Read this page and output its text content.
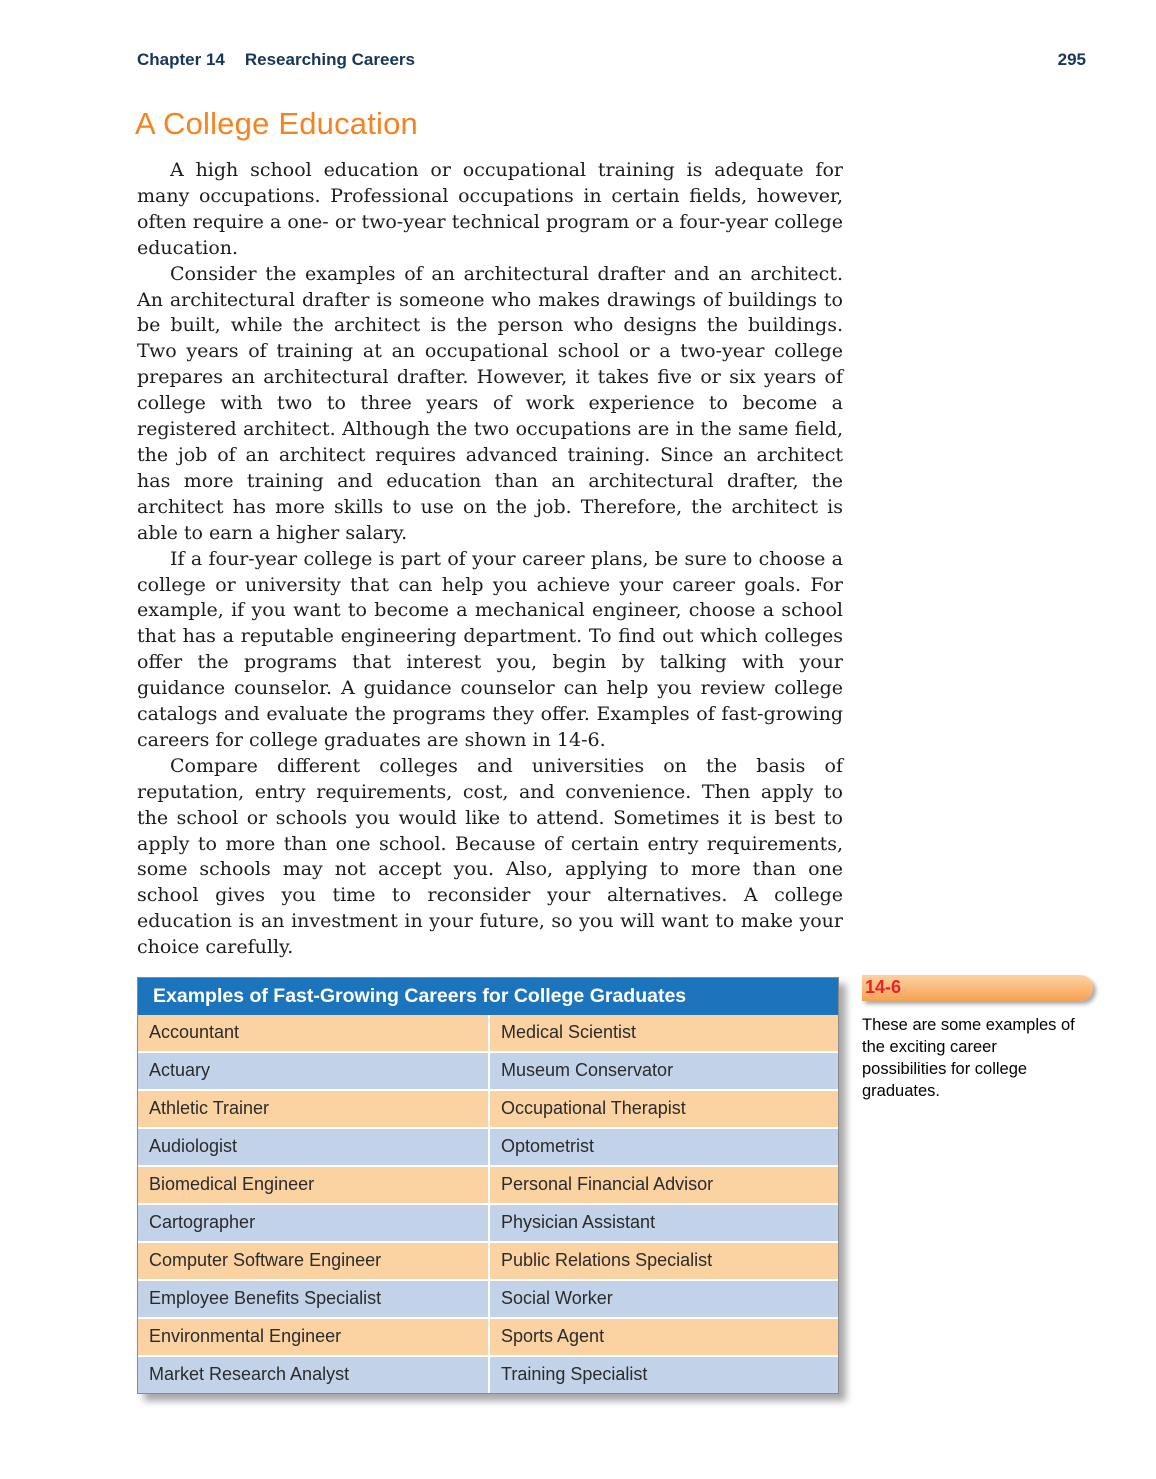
Chapter 14 Researching Careers	295
A College Education

A high school education or occupational training is adequate for many occupations. Professional occupations in certain fields, however, often require a one- or two-year technical program or a four-year college education.

Consider the examples of an architectural drafter and an architect. An architectural drafter is someone who makes drawings of buildings to be built, while the architect is the person who designs the buildings. Two years of training at an occupational school or a two-year college prepares an architectural drafter. However, it takes five or six years of college with two to three years of work experience to become a registered architect. Although the two occupations are in the same field, the job of an architect requires advanced training. Since an architect has more training and education than an architectural drafter, the architect has more skills to use on the job. Therefore, the architect is able to earn a higher salary.

If a four-year college is part of your career plans, be sure to choose a college or university that can help you achieve your career goals. For example, if you want to become a mechanical engineer, choose a school that has a reputable engineering department. To find out which colleges offer the programs that interest you, begin by talking with your guidance counselor. A guidance counselor can help you review college catalogs and evaluate the programs they offer. Examples of fast-growing careers for college graduates are shown in 14-6.

Compare different colleges and universities on the basis of reputation, entry requirements, cost, and convenience. Then apply to the school or schools you would like to attend. Sometimes it is best to apply to more than one school. Because of certain entry requirements, some schools may not accept you. Also, applying to more than one school gives you time to reconsider your alternatives. A college education is an investment in your future, so you will want to make your choice carefully.

Examples of Fast-Growing Careers for College Graduates
Accountant	Medical Scientist
Actuary	Museum Conservator
Athletic Trainer	Occupational Therapist
Audiologist	Optometrist
Biomedical Engineer	Personal Financial Advisor
Cartographer	Physician Assistant
Computer Software Engineer	Public Relations Specialist
Employee Benefits Specialist	Social Worker
Environmental Engineer	Sports Agent
Market Research Analyst	Training Specialist
14-6

These are some examples of the exciting career possibilities for college graduates.
